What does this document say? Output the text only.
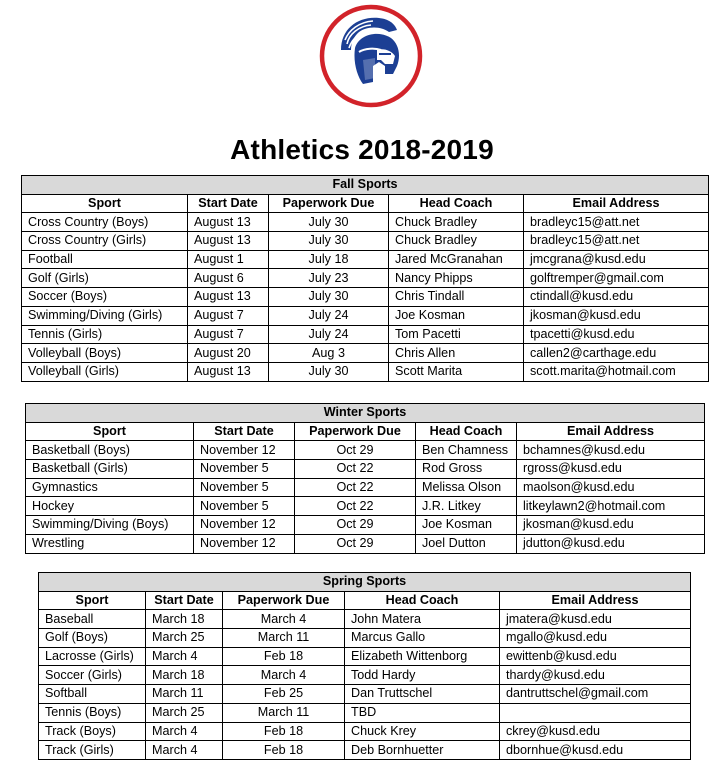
Athletics 2018-2019
Fall Sports				
Sport	Start Date	Paperwork Due	Head Coach	Email Address
Cross Country (Boys)	August 13	July 30	Chuck Bradley	bradleyc15@att.net
Cross Country (Girls)	August 13	July 30	Chuck Bradley	bradleyc15@att.net
Football	August 1	July 18	Jared McGranahan	jmcgrana@kusd.edu
Golf (Girls)	August 6	July 23	Nancy Phipps	golftremper@gmail.com
Soccer (Boys)	August 13	July 30	Chris Tindall	ctindall@kusd.edu
Swimming/Diving (Girls)	August 7	July 24	Joe Kosman	jkosman@kusd.edu
Tennis (Girls)	August 7	July 24	Tom Pacetti	tpacetti@kusd.edu
Volleyball (Boys)	August 20	Aug 3	Chris Allen	callen2@carthage.edu
Volleyball (Girls)	August 13	July 30	Scott Marita	scott.marita@hotmail.com
Winter Sports				
Sport	Start Date	Paperwork Due	Head Coach	Email Address
Basketball (Boys)	November 12	Oct 29	Ben Chamness	bchamnes@kusd.edu
Basketball (Girls)	November 5	Oct 22	Rod Gross	rgross@kusd.edu
Gymnastics	November 5	Oct 22	Melissa Olson	maolson@kusd.edu
Hockey	November 5	Oct 22	J.R. Litkey	litkeylawn2@hotmail.com
Swimming/Diving (Boys)	November 12	Oct 29	Joe Kosman	jkosman@kusd.edu
Wrestling	November 12	Oct 29	Joel Dutton	jdutton@kusd.edu
Spring Sports				
Sport	Start Date	Paperwork Due	Head Coach	Email Address
Baseball	March 18	March 4	John Matera	jmatera@kusd.edu
Golf (Boys)	March 25	March 11	Marcus Gallo	mgallo@kusd.edu
Lacrosse (Girls)	March 4	Feb 18	Elizabeth Wittenborg	ewittenb@kusd.edu
Soccer (Girls)	March 18	March 4	Todd Hardy	thardy@kusd.edu
Softball	March 11	Feb 25	Dan Truttschel	dantruttschel@gmail.com
Tennis (Boys)	March 25	March 11	TBD	
Track (Boys)	March 4	Feb 18	Chuck Krey	ckrey@kusd.edu
Track (Girls)	March 4	Feb 18	Deb Bornhuetter	dbornhue@kusd.edu
